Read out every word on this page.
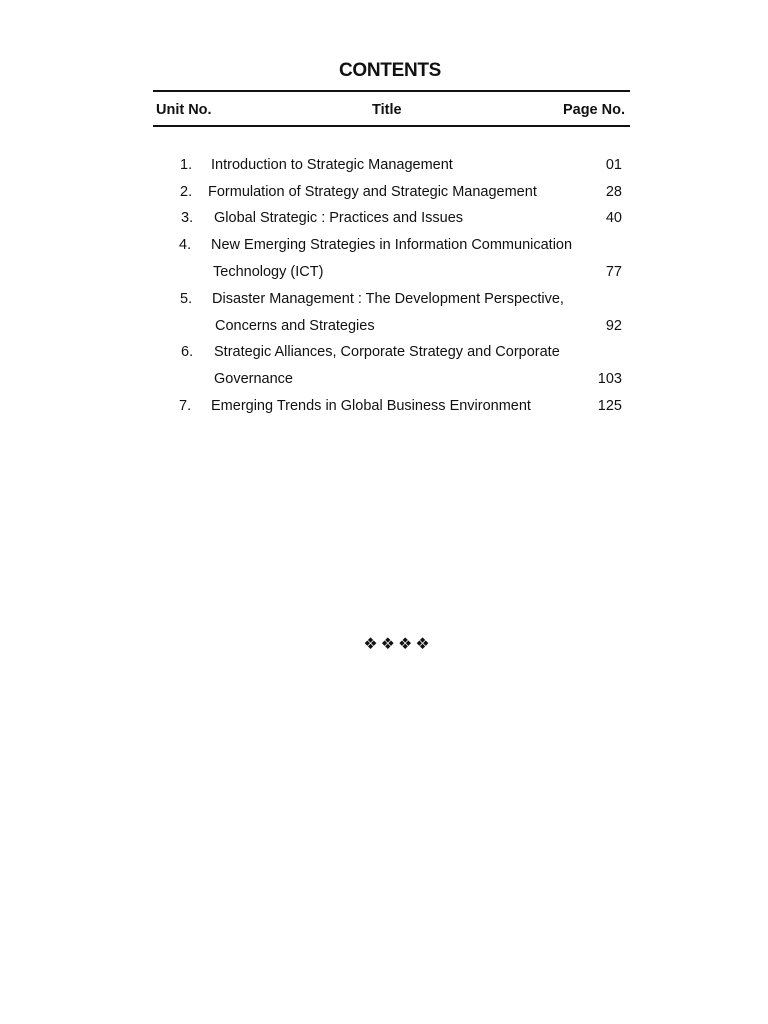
CONTENTS
Unit No.	Title	Page No.
1. Introduction to Strategic Management	01
2. Formulation of Strategy and Strategic Management	28
3. Global Strategic : Practices and Issues	40
4. New Emerging Strategies in Information Communication
Technology (ICT)	77
5. Disaster Management : The Development Perspective,
Concerns and Strategies	92
6. Strategic Alliances, Corporate Strategy and Corporate
Governance	103
7. Emerging Trends in Global Business Environment	125
❖❖❖❖
